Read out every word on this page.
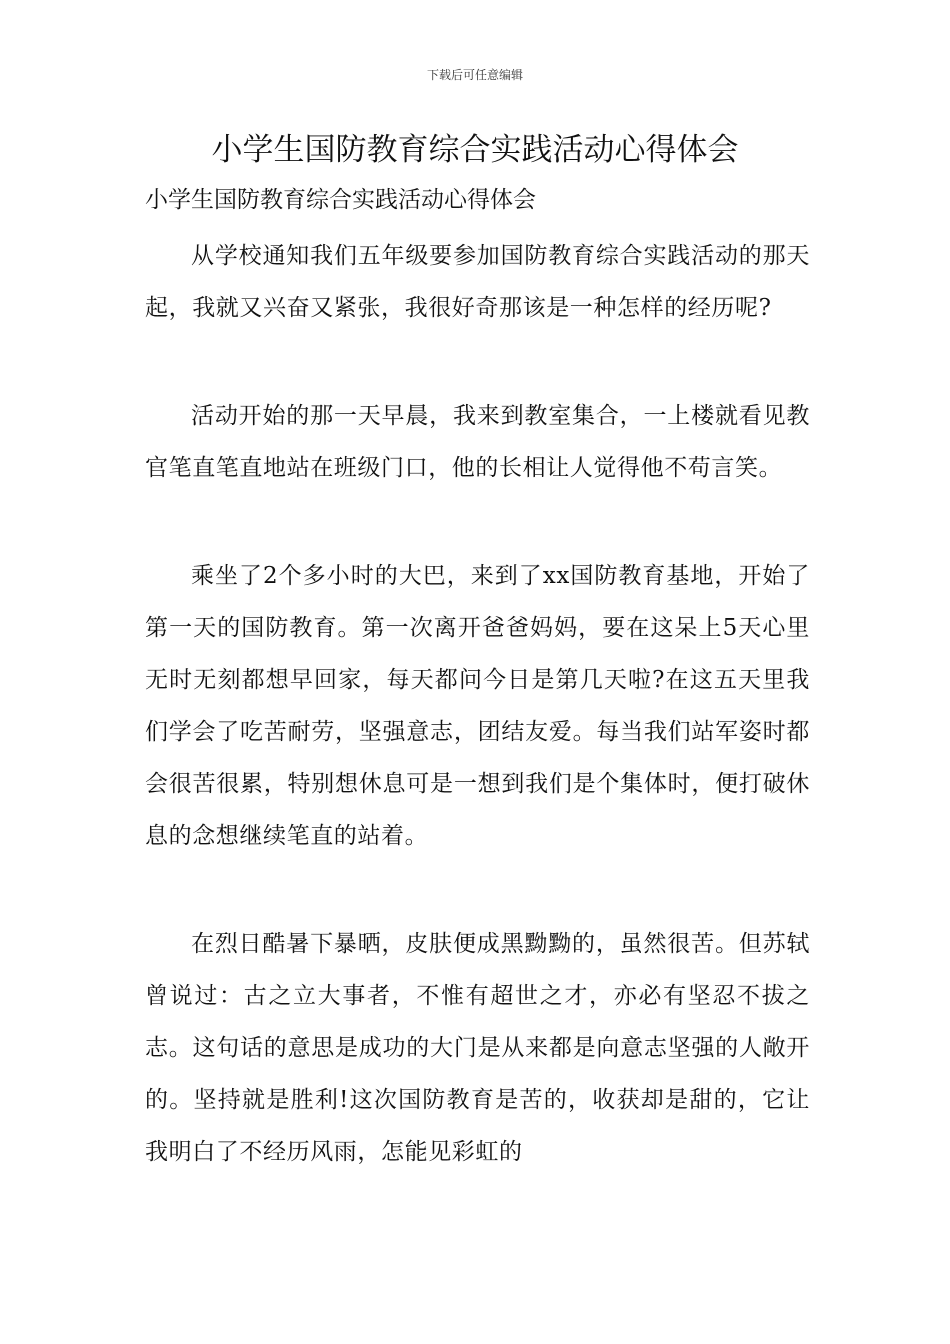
下载后可任意编辑
小学生国防教育综合实践活动心得体会

小学生国防教育综合实践活动心得体会

从学校通知我们五年级要参加国防教育综合实践活动的那天起，我就又兴奋又紧张，我很好奇那该是一种怎样的经历呢?

活动开始的那一天早晨，我来到教室集合，一上楼就看见教官笔直笔直地站在班级门口，他的长相让人觉得他不苟言笑。

乘坐了2个多小时的大巴，来到了xx国防教育基地，开始了第一天的国防教育。第一次离开爸爸妈妈，要在这呆上5天心里无时无刻都想早回家，每天都问今日是第几天啦?在这五天里我们学会了吃苦耐劳，坚强意志，团结友爱。每当我们站军姿时都会很苦很累，特别想休息可是一想到我们是个集体时，便打破休息的念想继续笔直的站着。

在烈日酷暑下暴晒，皮肤便成黑黝黝的，虽然很苦。但苏轼曾说过：古之立大事者，不惟有超世之才，亦必有坚忍不拔之志。这句话的意思是成功的大门是从来都是向意志坚强的人敞开的。坚持就是胜利!这次国防教育是苦的，收获却是甜的，它让我明白了不经历风雨，怎能见彩虹的
